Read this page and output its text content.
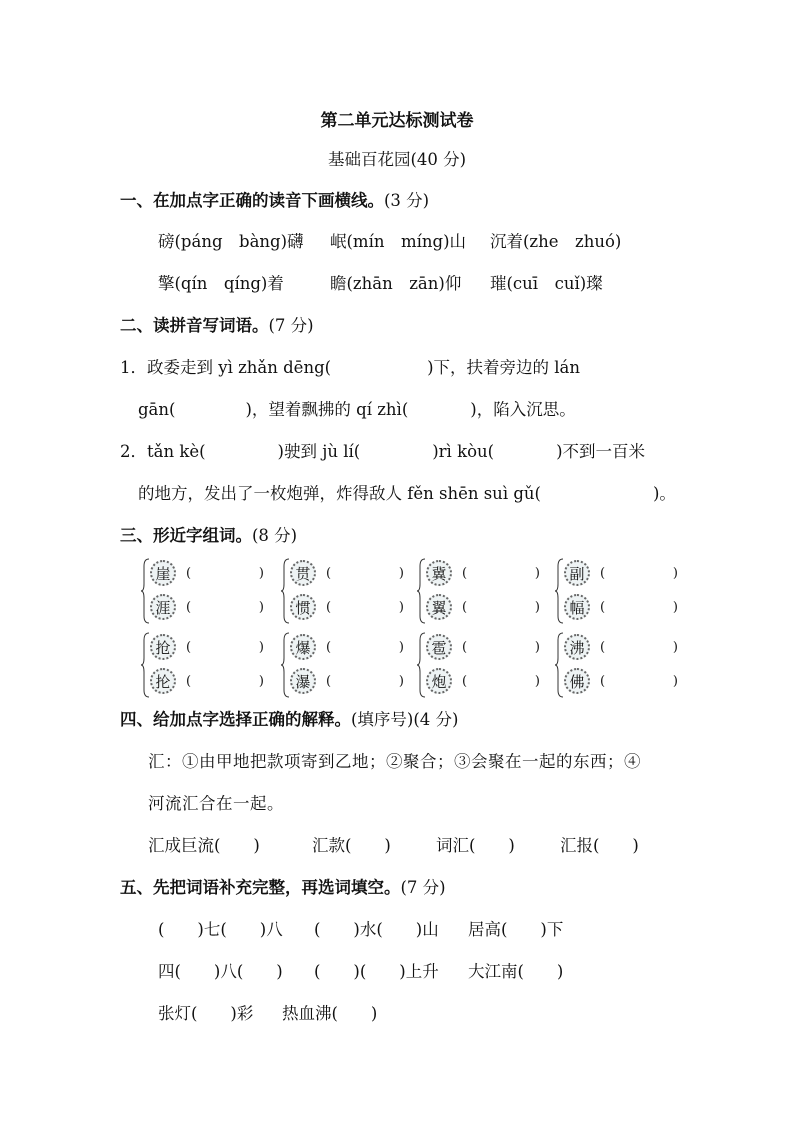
第二单元达标测试卷
基础百花园(40 分)
一、在加点字正确的读音下画横线。(3 分)
磅(páng　bàng)礴 岷(mín　míng)山 沉着(zhe　zhuó)
擎(qín　qíng)着	瞻(zhān　zān)仰 璀(cuī　cuǐ)璨
二、读拼音写词语。(7 分)
1．政委走到 yì zhǎn dēng(	)下，扶着旁边的 lán
gān(	)，望着飘拂的 qí zhì(	)，陷入沉思。
2．tǎn kè(	)驶到 jù lí(	)rì kòu(	)不到一百米
的地方，发出了一枚炮弹，炸得敌人 fěn shēn suì gǔ(	)。
三、形近字组词。(8 分)
崖	(	)
涯	(	)
贯	(	)
惯	(	)
冀	(	)
翼	(	)
副	(	)
幅	(	)
抢	(	)
抡	(	)
爆	(	)
瀑	(	)
雹	(	)
炮	(	)
沸	(	)
佛	(	)
四、给加点字选择正确的解释。(填序号)(4 分)
汇：①由甲地把款项寄到乙地；②聚合；③会聚在一起的东西；④
河流汇合在一起。
汇成巨流(　　)	汇款(　　)	词汇(　　)	汇报(　　)
五、先把词语补充完整，再选词填空。(7 分)
(　　)七(　　)八 (　　)水(　　)山 居高(　　)下
四(　　)八(　　) (　　)(　　)上升 大江南(　　)
张灯(　　)彩 热血沸(　　)
